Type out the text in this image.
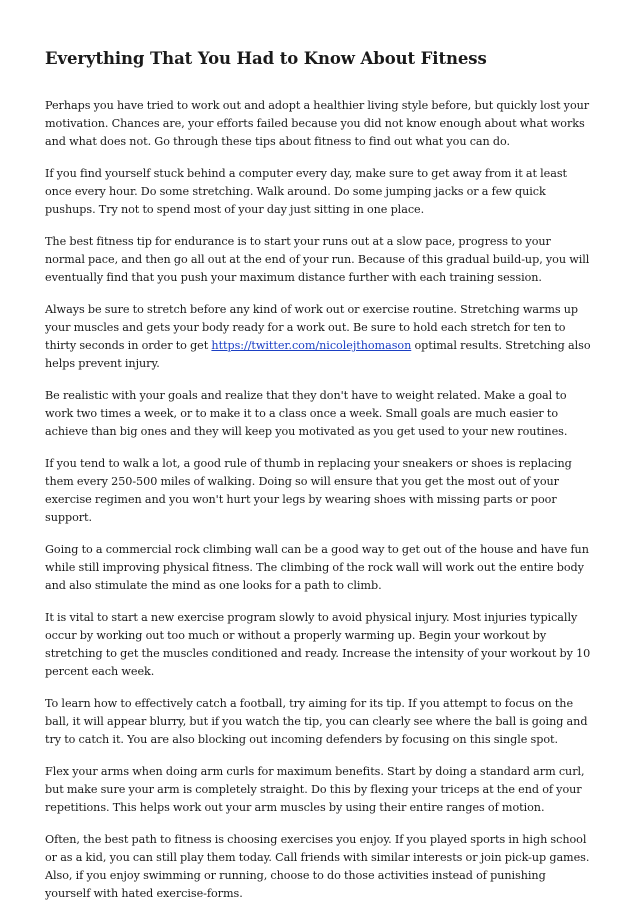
Everything That You Had to Know About Fitness

Perhaps you have tried to work out and adopt a healthier living style before, but quickly lost your motivation. Chances are, your efforts failed because you did not know enough about what works and what does not. Go through these tips about fitness to find out what you can do.

If you find yourself stuck behind a computer every day, make sure to get away from it at least once every hour. Do some stretching. Walk around. Do some jumping jacks or a few quick pushups. Try not to spend most of your day just sitting in one place.

The best fitness tip for endurance is to start your runs out at a slow pace, progress to your normal pace, and then go all out at the end of your run. Because of this gradual build-up, you will eventually find that you push your maximum distance further with each training session.

Always be sure to stretch before any kind of work out or exercise routine. Stretching warms up your muscles and gets your body ready for a work out. Be sure to hold each stretch for ten to thirty seconds in order to get https://twitter.com/nicolejthomason optimal results. Stretching also helps prevent injury.

Be realistic with your goals and realize that they don't have to weight related. Make a goal to work two times a week, or to make it to a class once a week. Small goals are much easier to achieve than big ones and they will keep you motivated as you get used to your new routines.

If you tend to walk a lot, a good rule of thumb in replacing your sneakers or shoes is replacing them every 250-500 miles of walking. Doing so will ensure that you get the most out of your exercise regimen and you won't hurt your legs by wearing shoes with missing parts or poor support.

Going to a commercial rock climbing wall can be a good way to get out of the house and have fun while still improving physical fitness. The climbing of the rock wall will work out the entire body and also stimulate the mind as one looks for a path to climb.

It is vital to start a new exercise program slowly to avoid physical injury. Most injuries typically occur by working out too much or without a properly warming up. Begin your workout by stretching to get the muscles conditioned and ready. Increase the intensity of your workout by 10 percent each week.

To learn how to effectively catch a football, try aiming for its tip. If you attempt to focus on the ball, it will appear blurry, but if you watch the tip, you can clearly see where the ball is going and try to catch it. You are also blocking out incoming defenders by focusing on this single spot.

Flex your arms when doing arm curls for maximum benefits. Start by doing a standard arm curl, but make sure your arm is completely straight. Do this by flexing your triceps at the end of your repetitions. This helps work out your arm muscles by using their entire ranges of motion.

Often, the best path to fitness is choosing exercises you enjoy. If you played sports in high school or as a kid, you can still play them today. Call friends with similar interests or join pick-up games. Also, if you enjoy swimming or running, choose to do those activities instead of punishing yourself with hated exercise-forms.
